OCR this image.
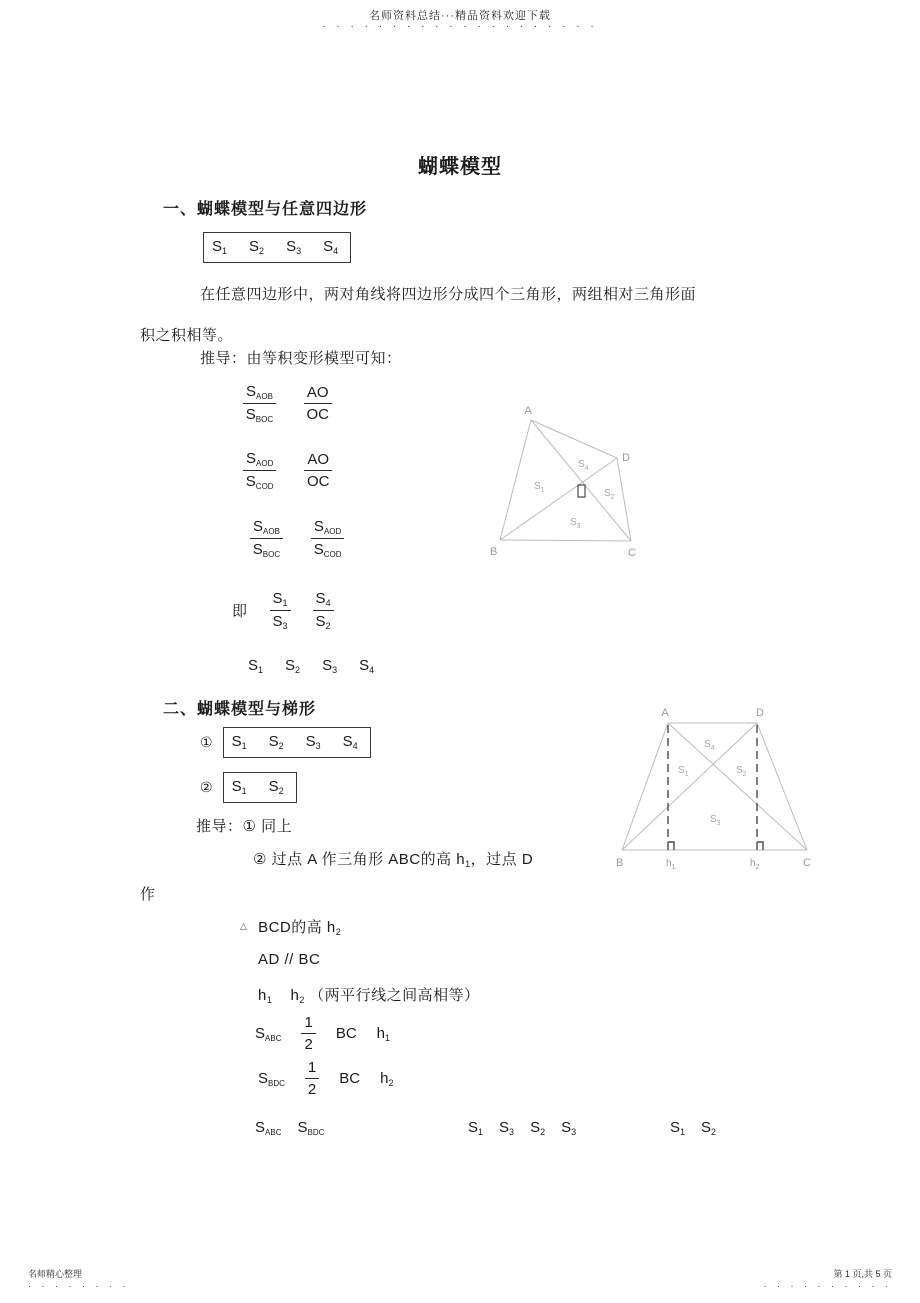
名师资料总结···精品资料欢迎下载
· · · · · · · · · · · · · · · · · · · ·
蝴蝶模型
一、蝴蝶模型与任意四边形
$S_1$ $S_2$ $S_3$ $S_4$
在任意四边形中，两对角线将四边形分成四个三角形，两组相对三角形面
积之积相等。
推导：由等积变形模型可知：
$\frac{S_{AOB}}{S_{BOC}} \frac{AO}{OC}$
$\frac{S_{AOD}}{S_{COD}} \frac{AO}{OC}$
$\frac{S_{AOB}}{S_{BOC}} \frac{S_{AOD}}{S_{COD}}$
即 $\frac{S_1}{S_3} \frac{S_4}{S_2}$
$S_1$ $S_2$ $S_3$ $S_4$
A
D
B	C
$S_4$
$S_1$	$S_2$
$S_3$
二、蝴蝶模型与梯形
① $S_1$ $S_2$ $S_3$ $S_4$
② $S_1$ $S_2$
推导：① 同上
② 过点 A 作三角形 ABC的高 $h_1$，过点 D
作
△ BCD的高 $h_2$
AD // BC
$h_1$ $h_2$ （两平行线之间高相等）
$S_{ABC} \frac{1}{2}$ BC $h_1$
$S_{BDC} \frac{1}{2}$ BC $h_2$
$S_{ABC}$ $S_{BDC}$	$S_1$ $S_3$ $S_2$ $S_3$	$S_1$ $S_2$
A	D
B	C
$h_1$	$h_2$
$S_4$
$S_1$	$S_2$
$S_3$
名师精心整理
· · · · · · · ·
第 1 页,共 5 页
· · · · · · · · · ·
